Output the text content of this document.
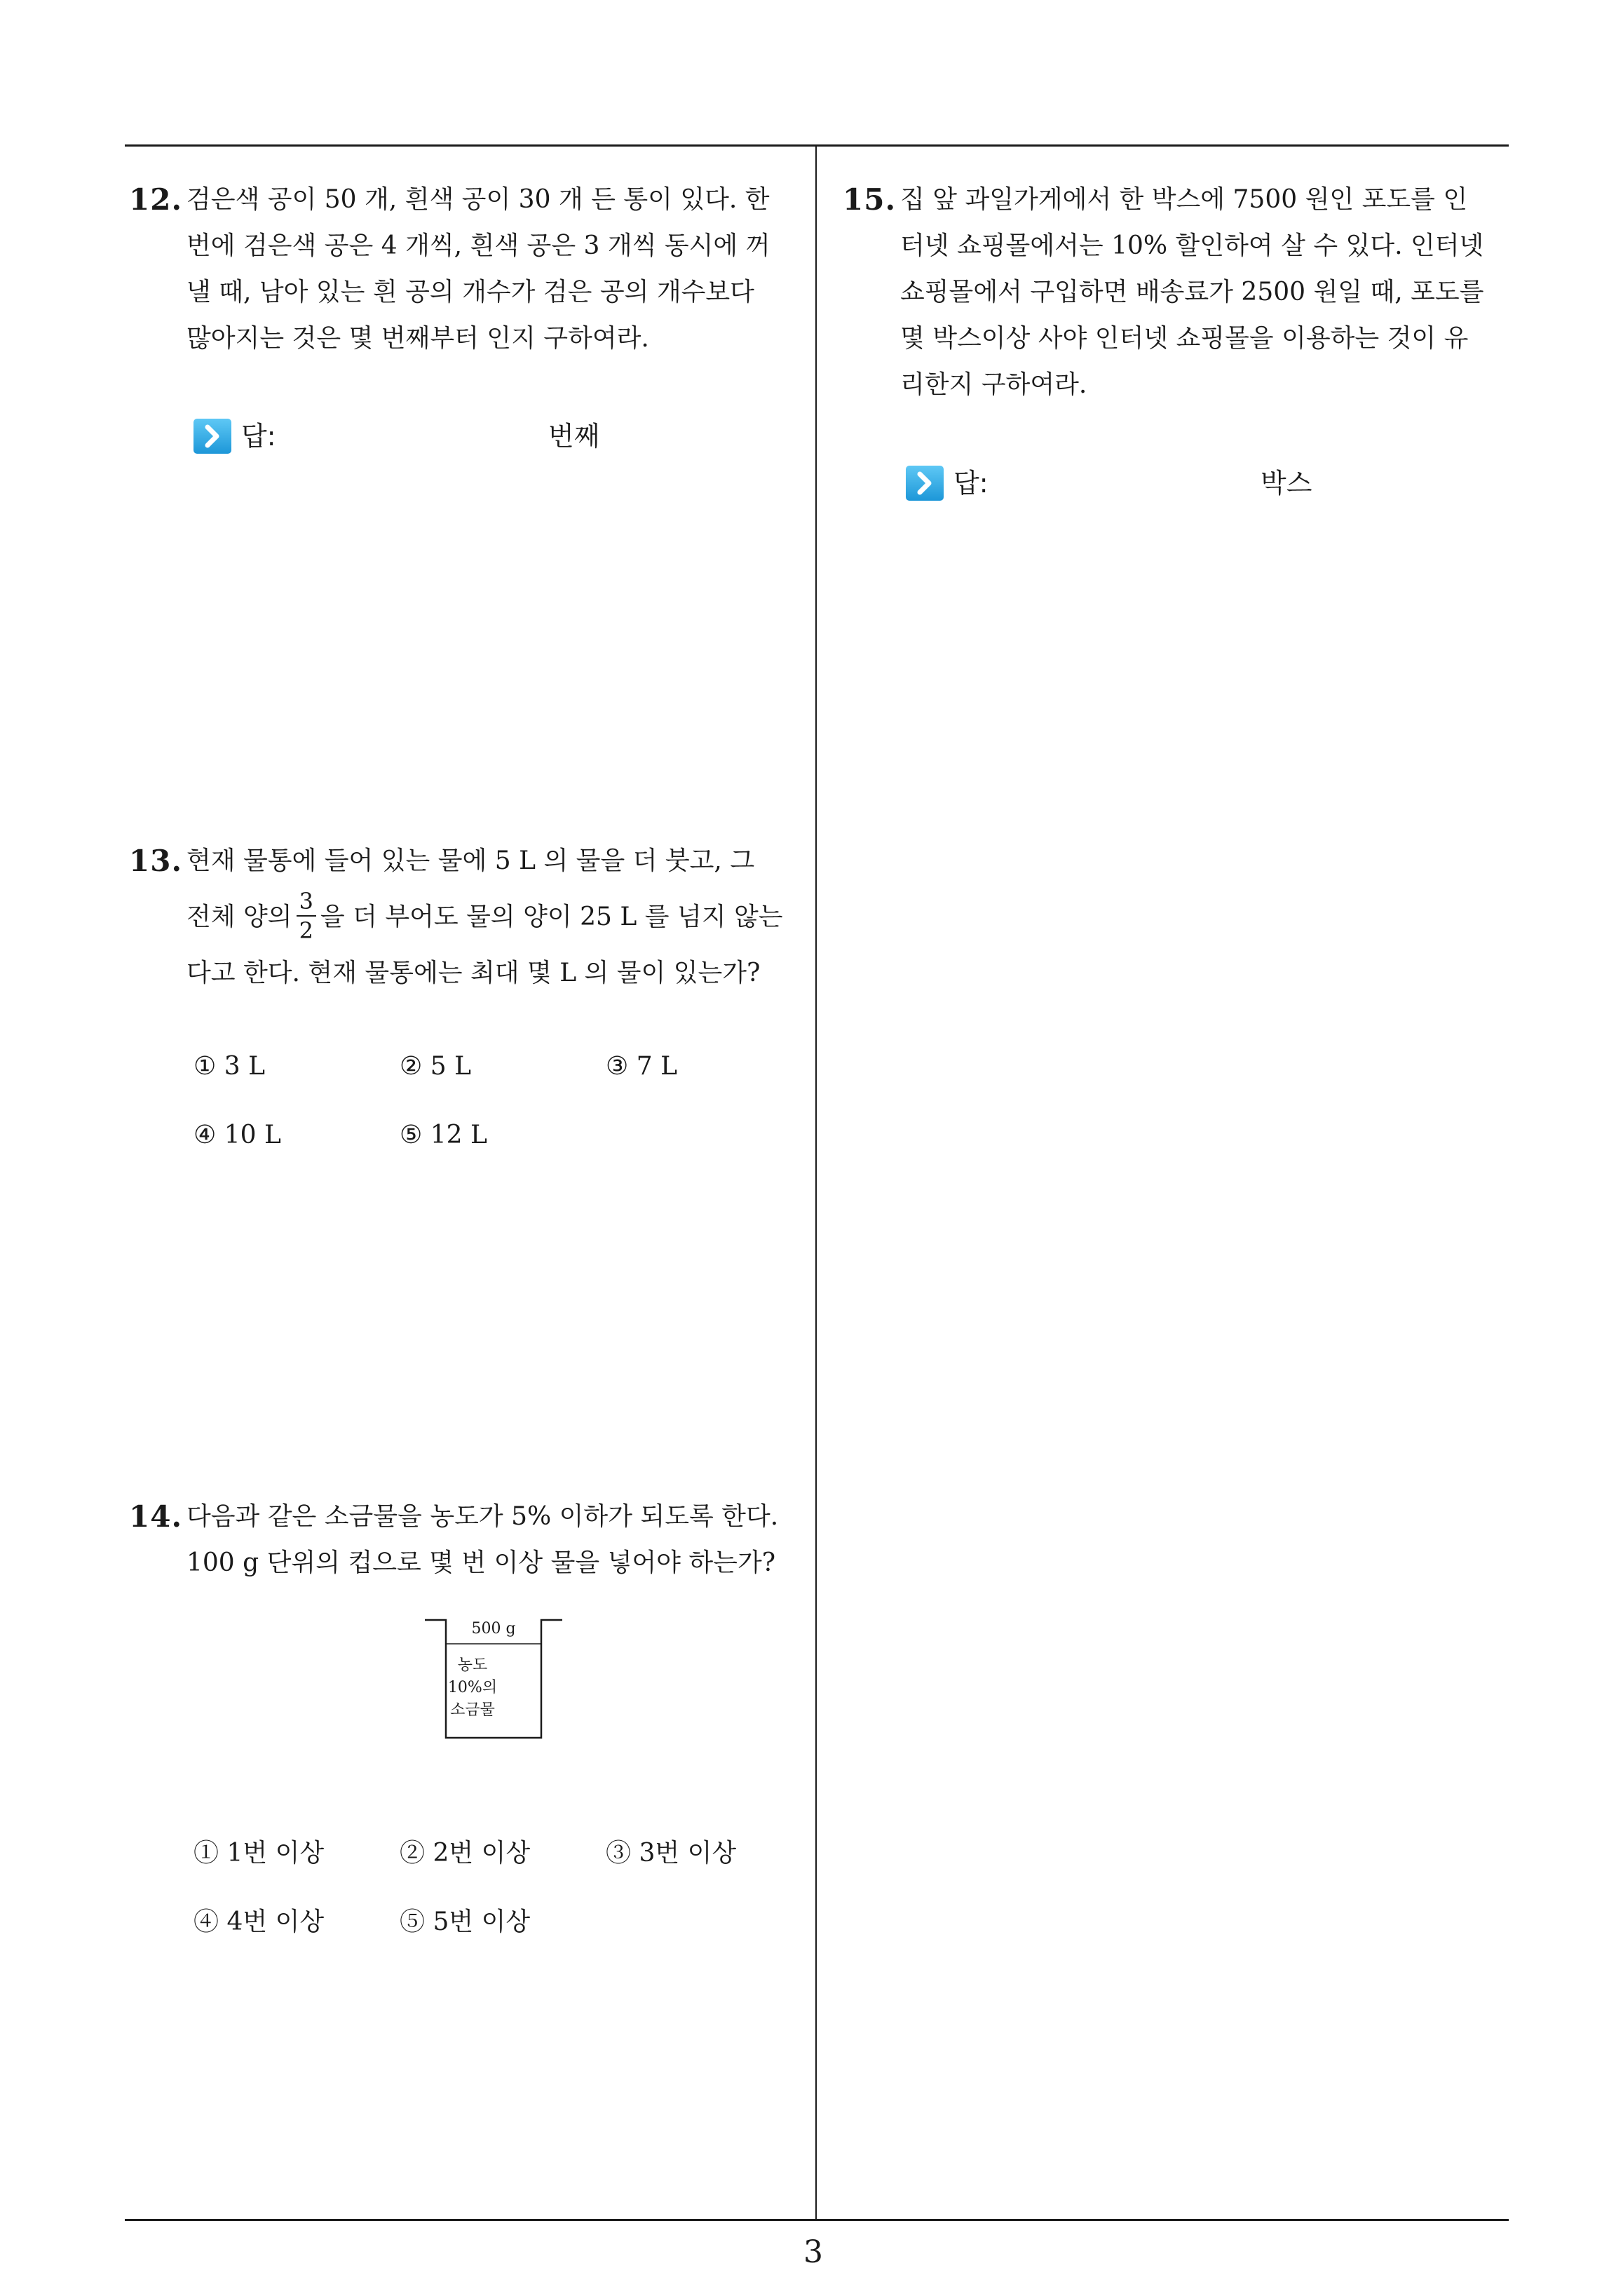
12. 검은색 공이 50 개, 흰색 공이 30 개 든 통이 있다. 한
번에 검은색 공은 4 개씩, 흰색 공은 3 개씩 동시에 꺼
낼 때, 남아 있는 흰 공의 개수가 검은 공의 개수보다
많아지는 것은 몇 번째부터 인지 구하여라.
답:	번째
13. 현재 물통에 들어 있는 물에 5 L 의 물을 더 붓고, 그
전체 양의 $\frac{3}{2}$ 을 더 부어도 물의 양이 25 L 를 넘지 않는
다고 한다. 현재 물통에는 최대 몇 L 의 물이 있는가?
① 3 L	② 5 L	③ 7 L
④ 10 L	⑤ 12 L
14. 다음과 같은 소금물을 농도가 5% 이하가 되도록 한다.
100 g 단위의 컵으로 몇 번 이상 물을 넣어야 하는가?
500 g
농도
10%의
소금물
① 1번 이상	② 2번 이상	③ 3번 이상
④ 4번 이상	⑤ 5번 이상
15. 집 앞 과일가게에서 한 박스에 7500 원인 포도를 인
터넷 쇼핑몰에서는 10% 할인하여 살 수 있다. 인터넷
쇼핑몰에서 구입하면 배송료가 2500 원일 때, 포도를
몇 박스이상 사야 인터넷 쇼핑몰을 이용하는 것이 유
리한지 구하여라.
답:	박스
3
